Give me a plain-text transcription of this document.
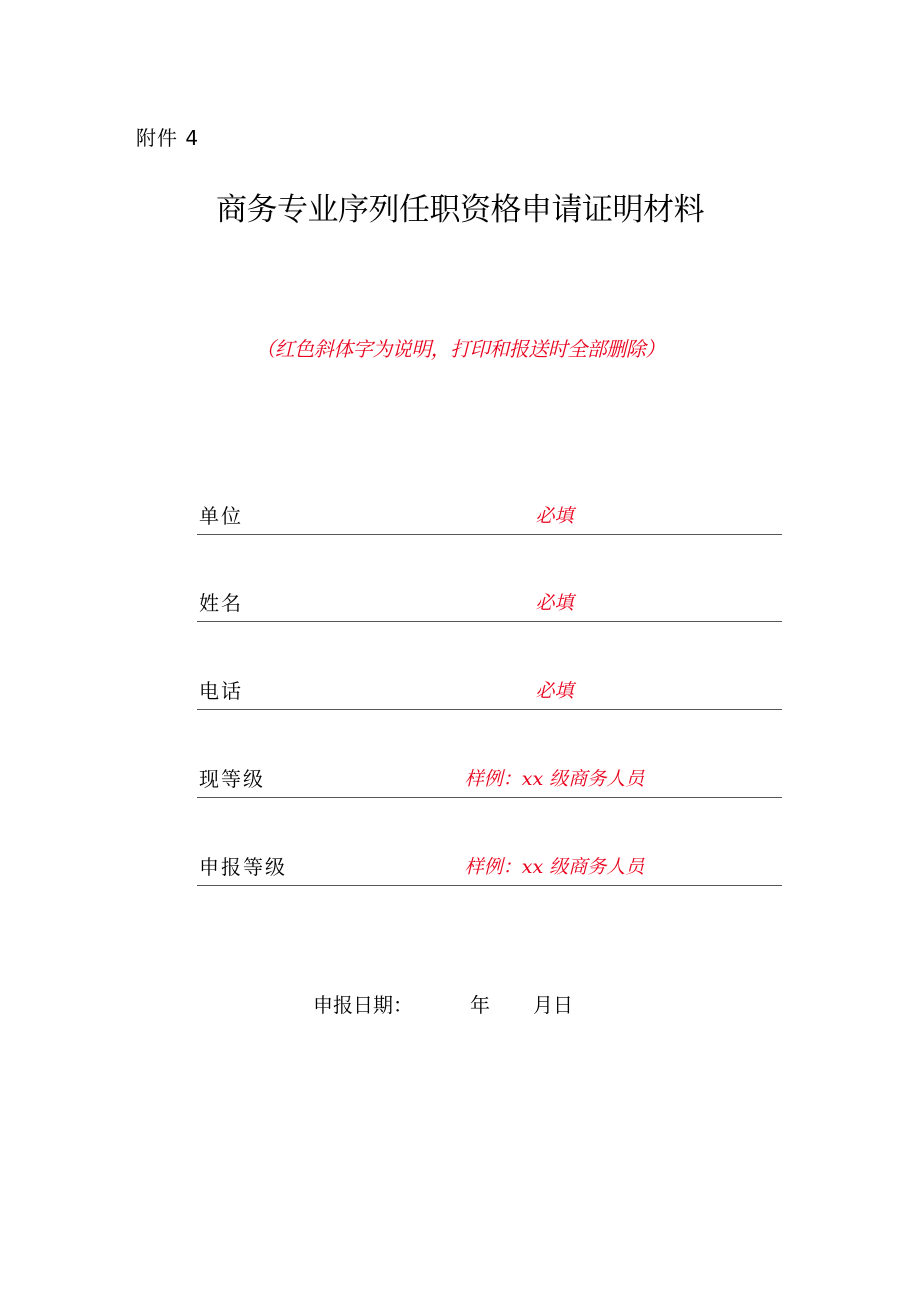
附件 4
商务专业序列任职资格申请证明材料
（红色斜体字为说明，打印和报送时全部删除）
单位	必填
姓名	必填
电话	必填
现等级	样例：xx 级商务人员
申报等级	样例：xx 级商务人员
申报日期：	年 月日
